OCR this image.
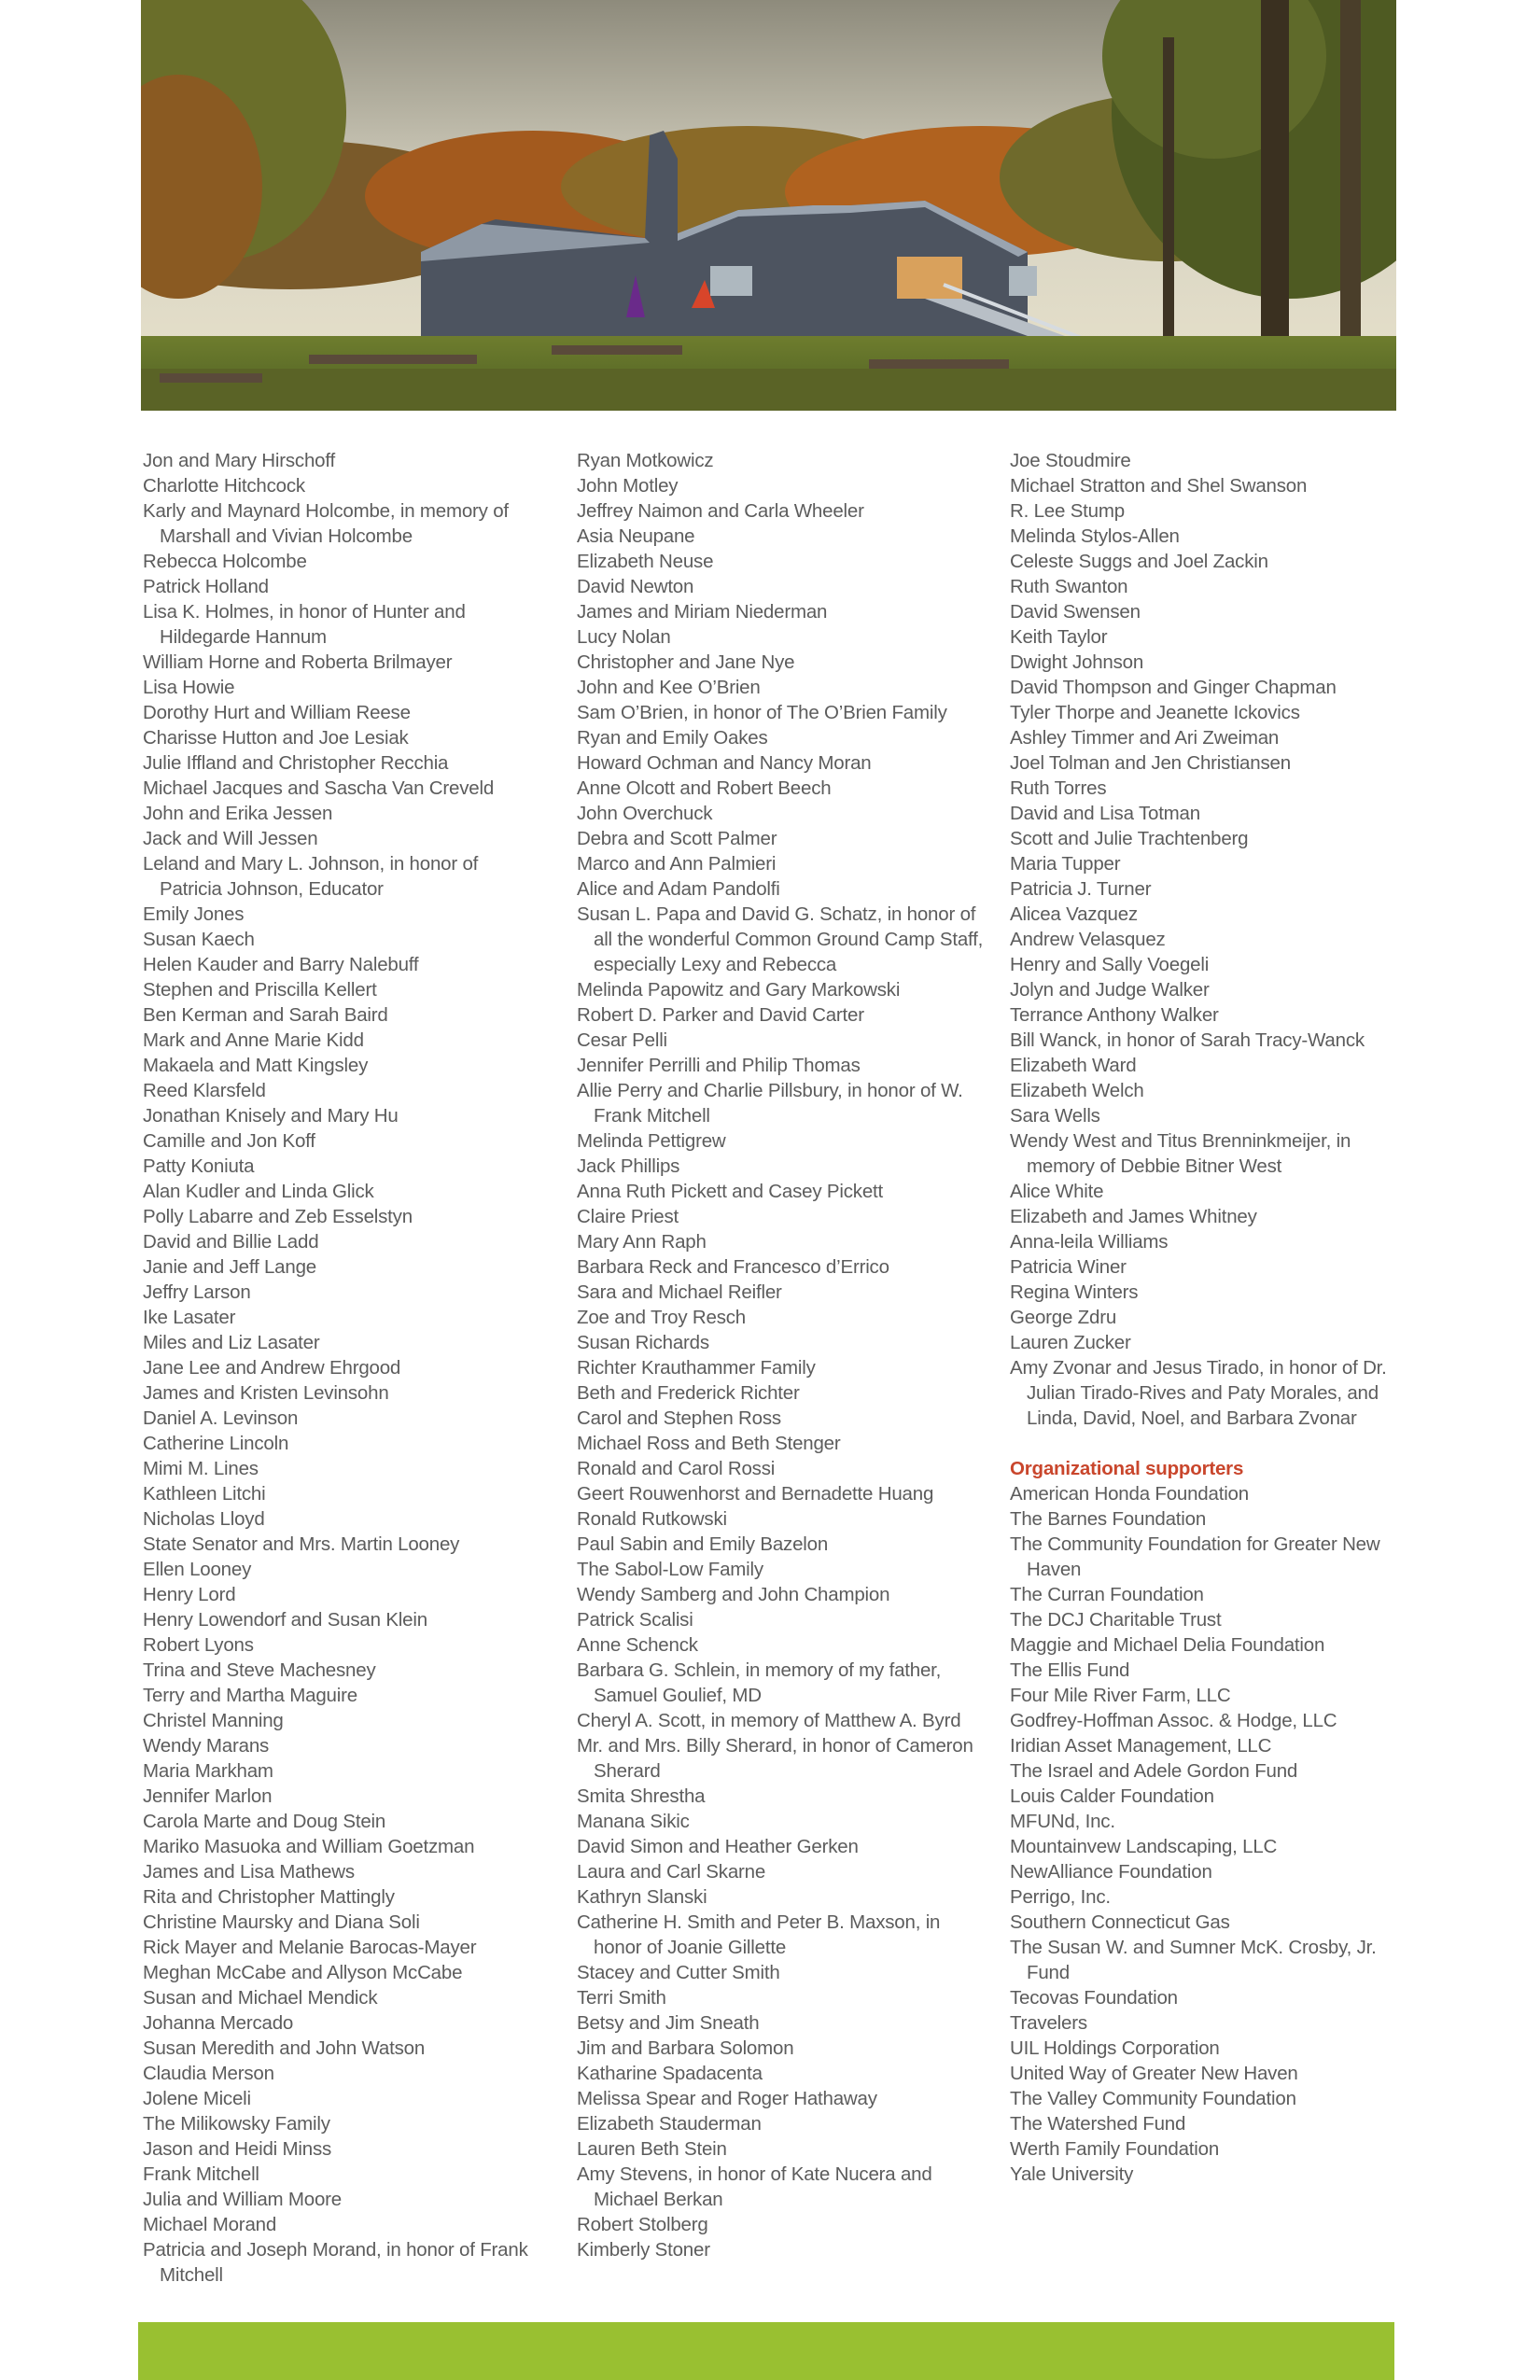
Jon and Mary Hirschoff
Charlotte Hitchcock
Karly and Maynard Holcombe, in memory of Marshall and Vivian Holcombe
Rebecca Holcombe
Patrick Holland
Lisa K. Holmes, in honor of Hunter and Hildegarde Hannum
William Horne and Roberta Brilmayer
Lisa Howie
Dorothy Hurt and William Reese
Charisse Hutton and Joe Lesiak
Julie Iffland and Christopher Recchia
Michael Jacques and Sascha Van Creveld
John and Erika Jessen
Jack and Will Jessen
Leland and Mary L. Johnson, in honor of Patricia Johnson, Educator
Emily Jones
Susan Kaech
Helen Kauder and Barry Nalebuff
Stephen and Priscilla Kellert
Ben Kerman and Sarah Baird
Mark and Anne Marie Kidd
Makaela and Matt Kingsley
Reed Klarsfeld
Jonathan Knisely and Mary Hu
Camille and Jon Koff
Patty Koniuta
Alan Kudler and Linda Glick
Polly Labarre and Zeb Esselstyn
David and Billie Ladd
Janie and Jeff Lange
Jeffry Larson
Ike Lasater
Miles and Liz Lasater
Jane Lee and Andrew Ehrgood
James and Kristen Levinsohn
Daniel A. Levinson
Catherine Lincoln
Mimi M. Lines
Kathleen Litchi
Nicholas Lloyd
State Senator and Mrs. Martin Looney
Ellen Looney
Henry Lord
Henry Lowendorf and Susan Klein
Robert Lyons
Trina and Steve Machesney
Terry and Martha Maguire
Christel Manning
Wendy Marans
Maria Markham
Jennifer Marlon
Carola Marte and Doug Stein
Mariko Masuoka and William Goetzman
James and Lisa Mathews
Rita and Christopher Mattingly
Christine Maursky and Diana Soli
Rick Mayer and Melanie Barocas-Mayer
Meghan McCabe and Allyson McCabe
Susan and Michael Mendick
Johanna Mercado
Susan Meredith and John Watson
Claudia Merson
Jolene Miceli
The Milikowsky Family
Jason and Heidi Minss
Frank Mitchell
Julia and William Moore
Michael Morand
Patricia and Joseph Morand, in honor of Frank Mitchell
Ryan Motkowicz
John Motley
Jeffrey Naimon and Carla Wheeler
Asia Neupane
Elizabeth Neuse
David Newton
James and Miriam Niederman
Lucy Nolan
Christopher and Jane Nye
John and Kee O’Brien
Sam O’Brien, in honor of The O’Brien Family
Ryan and Emily Oakes
Howard Ochman and Nancy Moran
Anne Olcott and Robert Beech
John Overchuck
Debra and Scott Palmer
Marco and Ann Palmieri
Alice and Adam Pandolfi
Susan L. Papa and David G. Schatz, in honor of all the wonderful Common Ground Camp Staff, especially Lexy and Rebecca
Melinda Papowitz and Gary Markowski
Robert D. Parker and David Carter
Cesar Pelli
Jennifer Perrilli and Philip Thomas
Allie Perry and Charlie Pillsbury, in honor of W. Frank Mitchell
Melinda Pettigrew
Jack Phillips
Anna Ruth Pickett and Casey Pickett
Claire Priest
Mary Ann Raph
Barbara Reck and Francesco d’Errico
Sara and Michael Reifler
Zoe and Troy Resch
Susan Richards
Richter Krauthammer Family
Beth and Frederick Richter
Carol and Stephen Ross
Michael Ross and Beth Stenger
Ronald and Carol Rossi
Geert Rouwenhorst and Bernadette Huang
Ronald Rutkowski
Paul Sabin and Emily Bazelon
The Sabol-Low Family
Wendy Samberg and John Champion
Patrick Scalisi
Anne Schenck
Barbara G. Schlein, in memory of my father, Samuel Goulief, MD
Cheryl A. Scott, in memory of Matthew A. Byrd
Mr. and Mrs. Billy Sherard, in honor of Cameron Sherard
Smita Shrestha
Manana Sikic
David Simon and Heather Gerken
Laura and Carl Skarne
Kathryn Slanski
Catherine H. Smith and Peter B. Maxson, in honor of Joanie Gillette
Stacey and Cutter Smith
Terri Smith
Betsy and Jim Sneath
Jim and Barbara Solomon
Katharine Spadacenta
Melissa Spear and Roger Hathaway
Elizabeth Stauderman
Lauren Beth Stein
Amy Stevens, in honor of Kate Nucera and Michael Berkan
Robert Stolberg
Kimberly Stoner
Joe Stoudmire
Michael Stratton and Shel Swanson
R. Lee Stump
Melinda Stylos-Allen
Celeste Suggs and Joel Zackin
Ruth Swanton
David Swensen
Keith Taylor
Dwight Johnson
David Thompson and Ginger Chapman
Tyler Thorpe and Jeanette Ickovics
Ashley Timmer and Ari Zweiman
Joel Tolman and Jen Christiansen
Ruth Torres
David and Lisa Totman
Scott and Julie Trachtenberg
Maria Tupper
Patricia J. Turner
Alicea Vazquez
Andrew Velasquez
Henry and Sally Voegeli
Jolyn and Judge Walker
Terrance Anthony Walker
Bill Wanck, in honor of Sarah Tracy-Wanck
Elizabeth Ward
Elizabeth Welch
Sara Wells
Wendy West and Titus Brenninkmeijer, in memory of Debbie Bitner West
Alice White
Elizabeth and James Whitney
Anna-leila Williams
Patricia Winer
Regina Winters
George Zdru
Lauren Zucker
Amy Zvonar and Jesus Tirado, in honor of Dr. Julian Tirado-Rives and Paty Morales, and Linda, David, Noel, and Barbara Zvonar
Organizational supporters
American Honda Foundation
The Barnes Foundation
The Community Foundation for Greater New Haven
The Curran Foundation
The DCJ Charitable Trust
Maggie and Michael Delia Foundation
The Ellis Fund
Four Mile River Farm, LLC
Godfrey-Hoffman Assoc. & Hodge, LLC
Iridian Asset Management, LLC
The Israel and Adele Gordon Fund
Louis Calder Foundation
MFUNd, Inc.
Mountainvew Landscaping, LLC
NewAlliance Foundation
Perrigo, Inc.
Southern Connecticut Gas
The Susan W. and Sumner McK. Crosby, Jr. Fund
Tecovas Foundation
Travelers
UIL Holdings Corporation
United Way of Greater New Haven
The Valley Community Foundation
The Watershed Fund
Werth Family Foundation
Yale University
